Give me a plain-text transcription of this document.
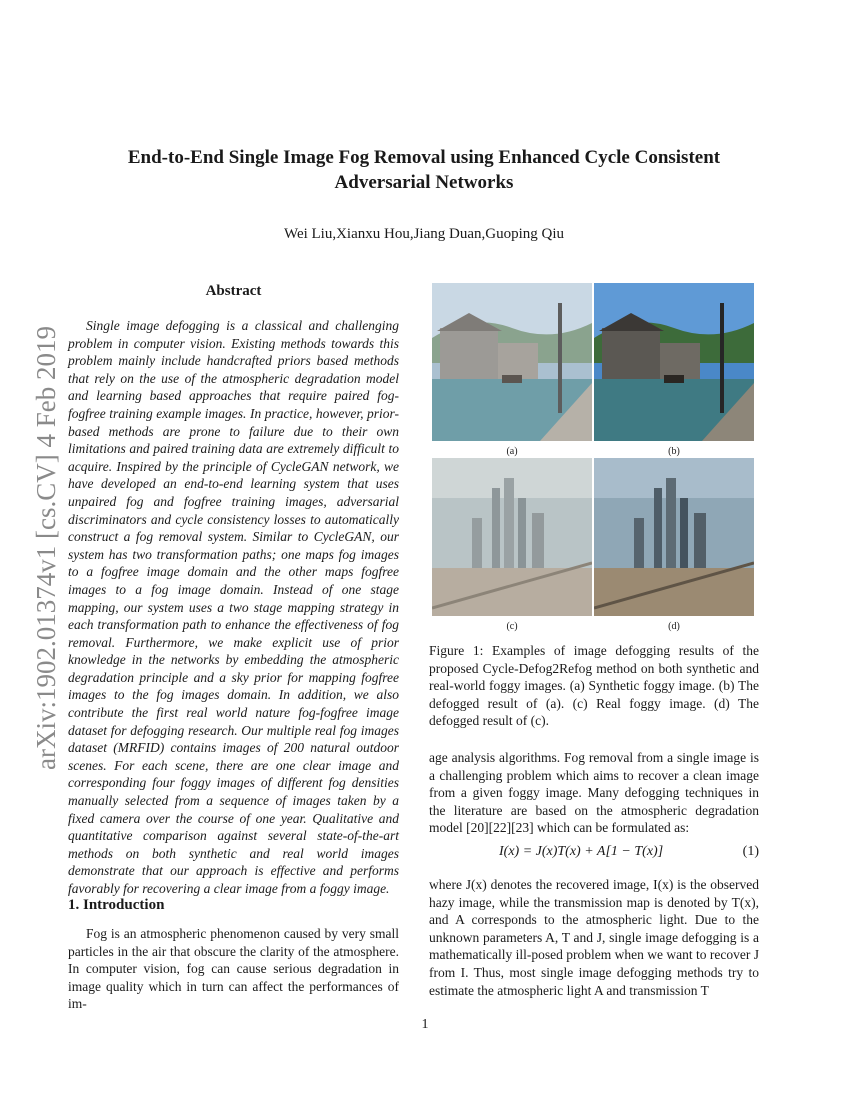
arXiv:1902.01374v1 [cs.CV] 4 Feb 2019
End-to-End Single Image Fog Removal using Enhanced Cycle Consistent Adversarial Networks
Wei Liu,Xianxu Hou,Jiang Duan,Guoping Qiu
Abstract
Single image defogging is a classical and challenging problem in computer vision. Existing methods towards this problem mainly include handcrafted priors based methods that rely on the use of the atmospheric degradation model and learning based approaches that require paired fog-fogfree training example images. In practice, however, prior-based methods are prone to failure due to their own limitations and paired training data are extremely difficult to acquire. Inspired by the principle of CycleGAN network, we have developed an end-to-end learning system that uses unpaired fog and fogfree training images, adversarial discriminators and cycle consistency losses to automatically construct a fog removal system. Similar to CycleGAN, our system has two transformation paths; one maps fog images to a fogfree image domain and the other maps fogfree images to a fog image domain. Instead of one stage mapping, our system uses a two stage mapping strategy in each transformation path to enhance the effectiveness of fog removal. Furthermore, we make explicit use of prior knowledge in the networks by embedding the atmospheric degradation principle and a sky prior for mapping fogfree images to the fog images domain. In addition, we also contribute the first real world nature fog-fogfree image dataset for defogging research. Our multiple real fog images dataset (MRFID) contains images of 200 natural outdoor scenes. For each scene, there are one clear image and corresponding four foggy images of different fog densities manually selected from a sequence of images taken by a fixed camera over the course of one year. Qualitative and quantitative comparison against several state-of-the-art methods on both synthetic and real world images demonstrate that our approach is effective and performs favorably for recovering a clear image from a foggy image.
1. Introduction
Fog is an atmospheric phenomenon caused by very small particles in the air that obscure the clarity of the atmosphere. In computer vision, fog can cause serious degradation in image quality which in turn can affect the performances of im-
(a)	(b)
(c)	(d)
Figure 1: Examples of image defogging results of the proposed Cycle-Defog2Refog method on both synthetic and real-world foggy images. (a) Synthetic foggy image. (b) The defogged result of (a). (c) Real foggy image. (d) The defogged result of (c).
age analysis algorithms. Fog removal from a single image is a challenging problem which aims to recover a clean image from a given foggy image. Many defogging techniques in the literature are based on the atmospheric degradation model [20][22][23] which can be formulated as:
I(x) = J(x)T(x) + A[1 − T(x)]	(1)
where J(x) denotes the recovered image, I(x) is the observed hazy image, while the transmission map is denoted by T(x), and A corresponds to the atmospheric light. Due to the unknown parameters A, T and J, single image defogging is a mathematically ill-posed problem when we want to recover J from I. Thus, most single image defogging methods try to estimate the atmospheric light A and transmission T
1
